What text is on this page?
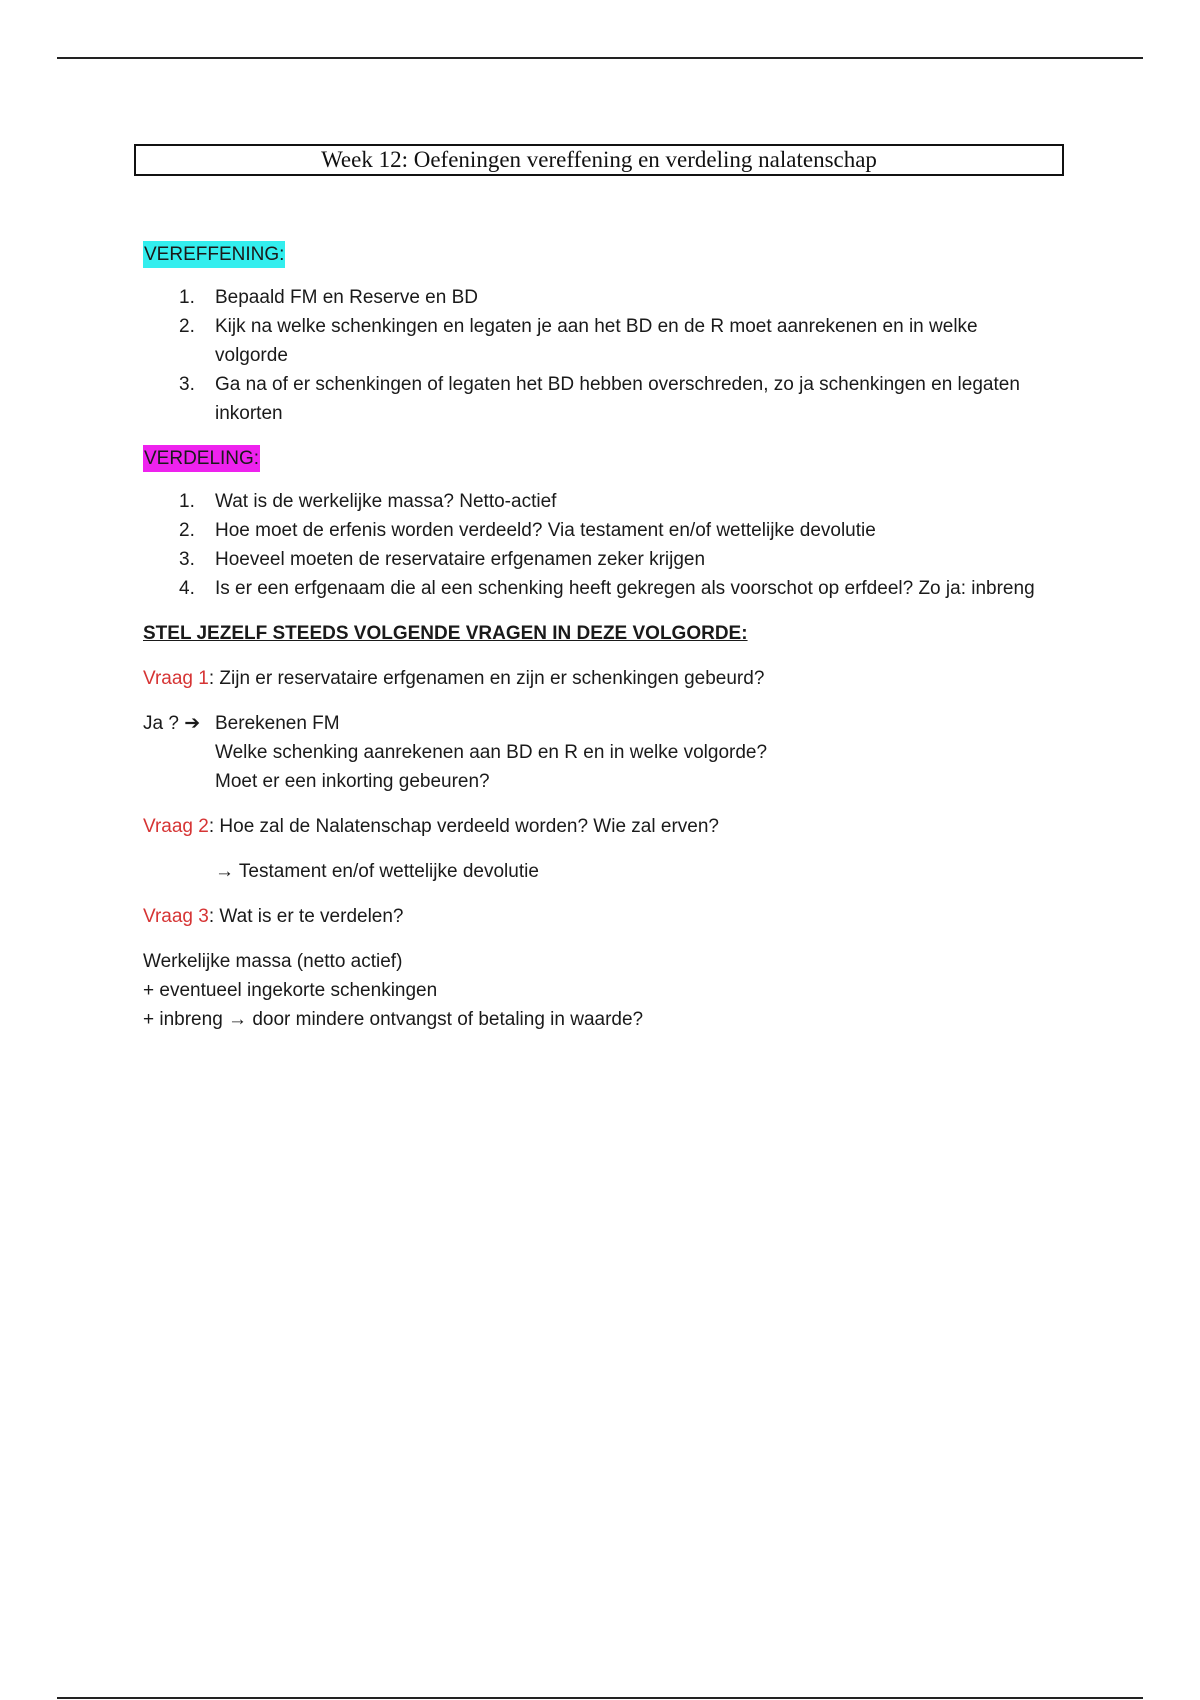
Week 12: Oefeningen vereffening en verdeling nalatenschap
VEREFFENING:
1. Bepaald FM en Reserve en BD
2. Kijk na welke schenkingen en legaten je aan het BD en de R moet aanrekenen en in welke volgorde
3. Ga na of er schenkingen of legaten het BD hebben overschreden, zo ja schenkingen en legaten inkorten
VERDELING:
1. Wat is de werkelijke massa? Netto-actief
2. Hoe moet de erfenis worden verdeeld? Via testament en/of wettelijke devolutie
3. Hoeveel moeten de reservataire erfgenamen zeker krijgen
4. Is er een erfgenaam die al een schenking heeft gekregen als voorschot op erfdeel? Zo ja: inbreng
STEL JEZELF STEEDS VOLGENDE VRAGEN IN DEZE VOLGORDE:
Vraag 1: Zijn er reservataire erfgenamen en zijn er schenkingen gebeurd?
Ja ? ➔ Berekenen FM
Welke schenking aanrekenen aan BD en R en in welke volgorde?
Moet er een inkorting gebeuren?
Vraag 2: Hoe zal de Nalatenschap verdeeld worden? Wie zal erven?
→ Testament en/of wettelijke devolutie
Vraag 3: Wat is er te verdelen?
Werkelijke massa (netto actief)
+ eventueel ingekorte schenkingen
+ inbreng → door mindere ontvangst of betaling in waarde?
